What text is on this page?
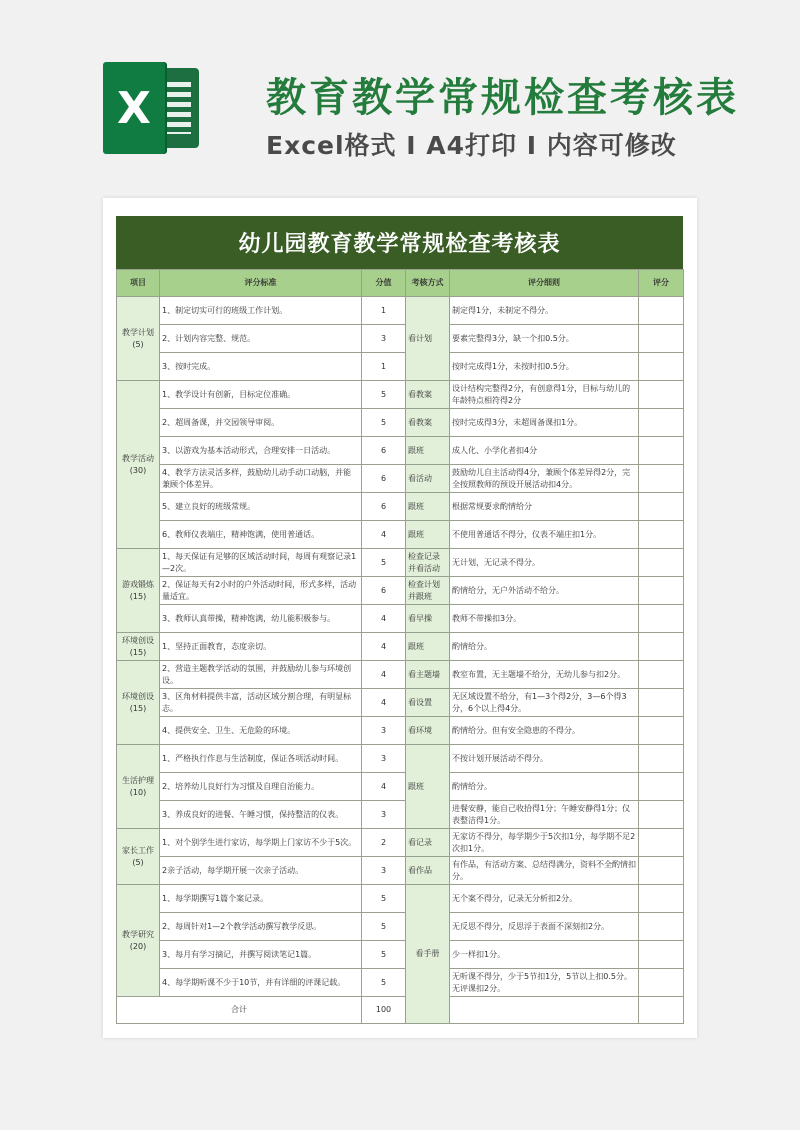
X	教育教学常规检查考核表
Excel格式 I A4打印 I 内容可修改
幼儿园教育教学常规检查考核表
项目	评分标准	分值	考核方式	评分细则	评分
教学计划
(5)	1、制定切实可行的班级工作计划。	1	看计划	制定得1分，未制定不得分。	
	2、计划内容完整、规范。	3		要素完整得3分，缺一个扣0.5分。	
	3、按时完成。	1		按时完成得1分，未按时扣0.5分。	
教学活动
(30)	1、教学设计有创新，目标定位准确。	5	看教案	设计结构完整得2分，有创意得1分，目标与幼儿的年龄特点相符得2分	
	2、超周备课，并交园领导审阅。	5	看教案	按时完成得3分，未超周备课扣1分。	
	3、以游戏为基本活动形式，合理安排一日活动。	6	跟班	成人化、小学化者扣4分	
	4、教学方法灵活多样，鼓励幼儿动手动口动脑，并能兼顾个体差异。	6	看活动	鼓励幼儿自主活动得4分，兼顾个体差异得2分，完全按照教师的预设开展活动扣4分。	
	5、建立良好的班级常规。	6	跟班	根据常规要求酌情给分	
	6、教师仪表端庄，精神饱满，使用普通话。	4	跟班	不使用普通话不得分，仪表不端庄扣1分。	
游戏锻炼
(15)	1、每天保证有足够的区域活动时间，每周有观察记录1—2次。	5	检查记录并看活动	无计划，无记录不得分。	
	2、保证每天有2小时的户外活动时间，形式多样，活动量适宜。	6	检查计划并跟班	酌情给分，无户外活动不给分。	
	3、教师认真带操，精神饱满，幼儿能积极参与。	4	看早操	教师不带操扣3分。	
环境创设
(15)	1、坚持正面教育，态度亲切。	4	跟班	酌情给分。	
环境创设
(15)	2、营造主题教学活动的氛围，并鼓励幼儿参与环境创设。	4	看主题墙	教室布置，无主题墙不给分，无幼儿参与扣2分。	
	3、区角材料提供丰富，活动区域分割合理，有明显标志。	4	看设置	无区域设置不给分，有1—3个得2分，3—6个得3分，6个以上得4分。	
	4、提供安全、卫生、无危险的环境。	3	看环境	酌情给分。但有安全隐患的不得分。	
生活护理
(10)	1、严格执行作息与生活制度，保证各项活动时间。	3	跟班	不按计划开展活动不得分。	
	2、培养幼儿良好行为习惯及自理自治能力。	4		酌情给分。	
	3、养成良好的进餐、午睡习惯，保持整洁的仪表。	3		进餐安静，能自己收拾得1分；午睡安静得1分；仪表整洁得1分。	
家长工作
(5)	1、对个别学生进行家访，每学期上门家访不少于5次。	2	看记录	无家访不得分，每学期少于5次扣1分，每学期不足2次扣1分。	
	2亲子活动，每学期开展一次亲子活动。	3	看作品	有作品，有活动方案、总结得满分，资料不全酌情扣分。	
教学研究
(20)	1、每学期撰写1篇个案记录。	5	看手册	无个案不得分，记录无分析扣2分。	
	2、每周针对1—2个教学活动撰写教学反思。	5		无反思不得分，反思浮于表面不深刻扣2分。	
	3、每月有学习摘记，并撰写阅读笔记1篇。	5		少一样扣1分。	
	4、每学期听课不少于10节，并有详细的评课记载。	5		无听课不得分，少于5节扣1分，5节以上扣0.5分。无评课扣2分。	
合计		100			
